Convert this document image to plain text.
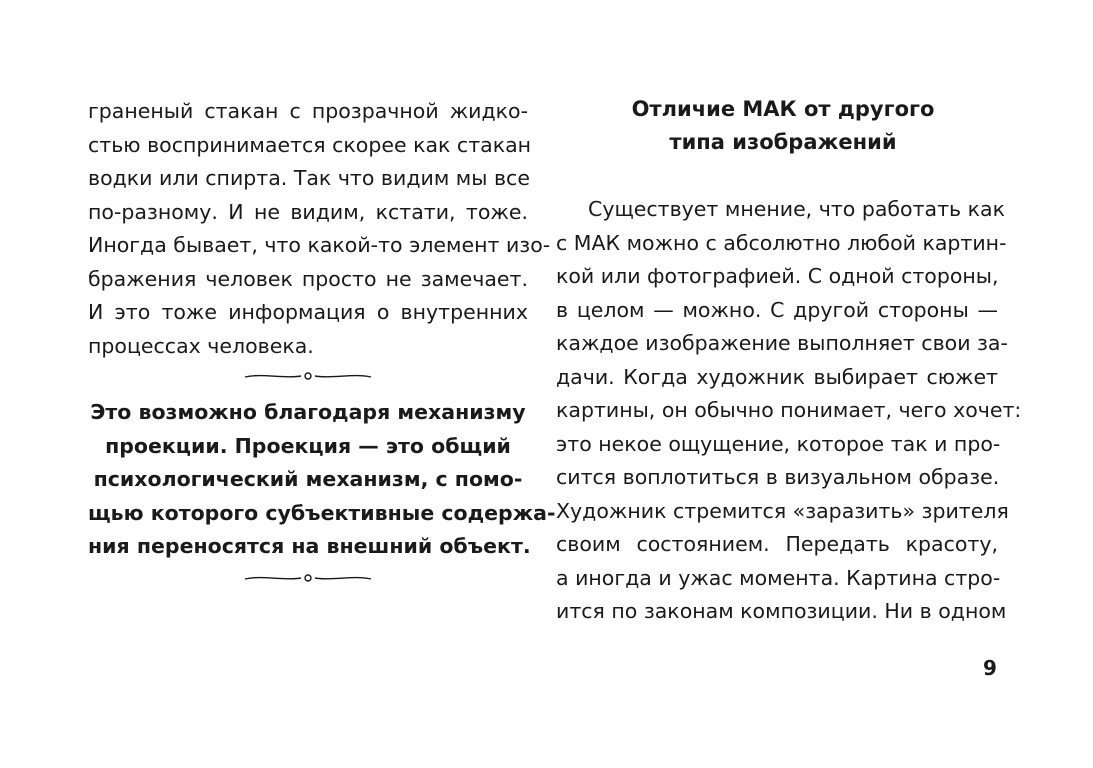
граненый стакан с прозрачной жидко-
стью воспринимается скорее как стакан
водки или спирта. Так что видим мы все
по-разному. И не видим, кстати, тоже.
Иногда бывает, что какой-то элемент изо-
бражения человек просто не замечает.
И это тоже информация о внутренних
процессах человека.
Это возможно благодаря механизму
проекции. Проекция — это общий
психологический механизм, с помо-
щью которого субъективные содержа-
ния переносятся на внешний объект.
Отличие МАК от другого
типа изображений
Существует мнение, что работать как
с МАК можно с абсолютно любой картин-
кой или фотографией. С одной стороны,
в целом — можно. С другой стороны —
каждое изображение выполняет свои за-
дачи. Когда художник выбирает сюжет
картины, он обычно понимает, чего хочет:
это некое ощущение, которое так и про-
сится воплотиться в визуальном образе.
Художник стремится «заразить» зрителя
своим состоянием. Передать красоту,
а иногда и ужас момента. Картина стро-
ится по законам композиции. Ни в одном
9
